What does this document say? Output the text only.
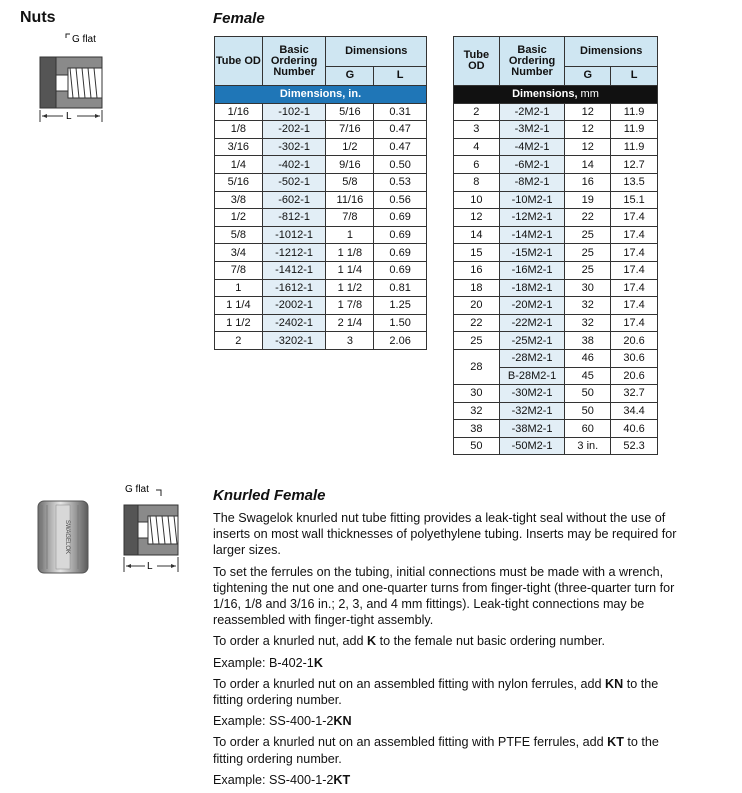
Nuts	Female
G flat
L
Tube OD	Basic Ordering Number	Dimensions	
		G	L
Dimensions, in.			
1/16	-102-1	5/16	0.31
1/8	-202-1	7/16	0.47
3/16	-302-1	1/2	0.47
1/4	-402-1	9/16	0.50
5/16	-502-1	5/8	0.53
3/8	-602-1	11/16	0.56
1/2	-812-1	7/8	0.69
5/8	-1012-1	1	0.69
3/4	-1212-1	1 1/8	0.69
7/8	-1412-1	1 1/4	0.69
1	-1612-1	1 1/2	0.81
1 1/4	-2002-1	1 7/8	1.25
1 1/2	-2402-1	2 1/4	1.50
2	-3202-1	3	2.06
Tube OD	Basic Ordering Number	Dimensions	
		G	L
Dimensions, mm			
2	-2M2-1	12	11.9
3	-3M2-1	12	11.9
4	-4M2-1	12	11.9
6	-6M2-1	14	12.7
8	-8M2-1	16	13.5
10	-10M2-1	19	15.1
12	-12M2-1	22	17.4
14	-14M2-1	25	17.4
15	-15M2-1	25	17.4
16	-16M2-1	25	17.4
18	-18M2-1	30	17.4
20	-20M2-1	32	17.4
22	-22M2-1	32	17.4
25	-25M2-1	38	20.6
28	-28M2-1	46	30.6
	B-28M2-1	45	20.6
30	-30M2-1	50	32.7
32	-32M2-1	50	34.4
38	-38M2-1	60	40.6
50	-50M2-1	3 in.	52.3
SWAGELOK
G flat
L
Knurled Female

The Swagelok knurled nut tube fitting provides a leak-tight seal without the use of inserts on most wall thicknesses of polyethylene tubing. Inserts may be required for larger sizes.

To set the ferrules on the tubing, initial connections must be made with a wrench, tightening the nut one and one-quarter turns from finger-tight (three-quarter turn for 1/16, 1/8 and 3/16 in.; 2, 3, and 4 mm fittings). Leak-tight connections may be reassembled with finger-tight assembly.

To order a knurled nut, add K to the female nut basic ordering number.

Example: B-402-1K

To order a knurled nut on an assembled fitting with nylon ferrules, add KN to the fitting ordering number.

Example: SS-400-1-2KN

To order a knurled nut on an assembled fitting with PTFE ferrules, add KT to the fitting ordering number.

Example: SS-400-1-2KT
